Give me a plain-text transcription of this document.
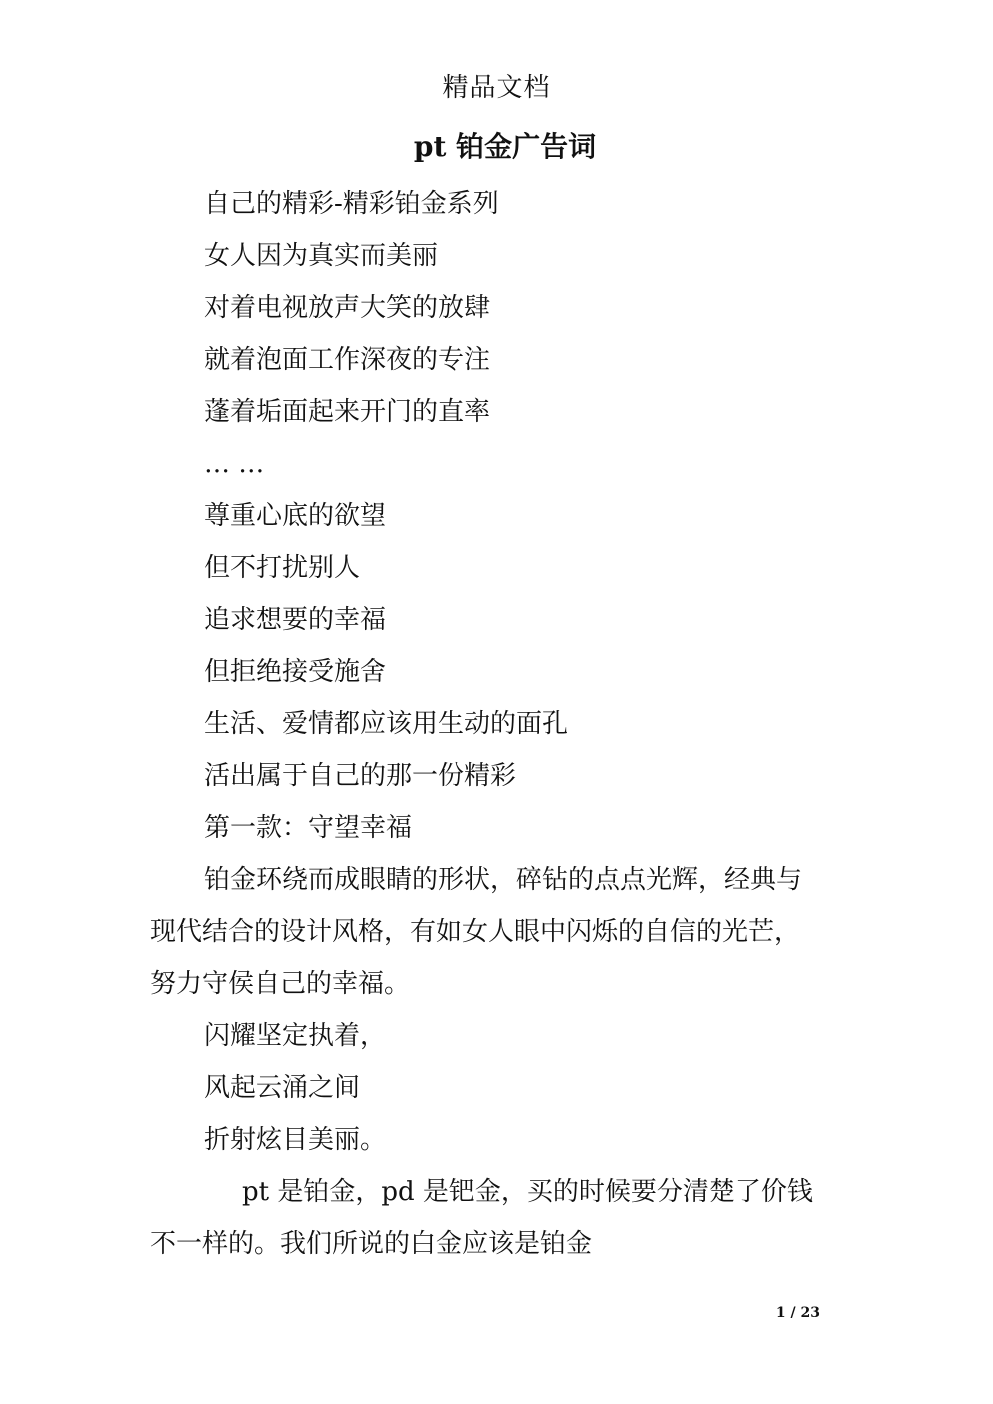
精品文档
pt 铂金广告词

自己的精彩-精彩铂金系列

女人因为真实而美丽

对着电视放声大笑的放肆

就着泡面工作深夜的专注

蓬着垢面起来开门的直率

… …

尊重心底的欲望

但不打扰别人

追求想要的幸福

但拒绝接受施舍

生活、爱情都应该用生动的面孔

活出属于自己的那一份精彩

第一款：守望幸福

铂金环绕而成眼睛的形状，碎钻的点点光辉，经典与现代结合的设计风格，有如女人眼中闪烁的自信的光芒，努力守侯自己的幸福。

闪耀坚定执着，

风起云涌之间

折射炫目美丽。

pt 是铂金，pd 是钯金，买的时候要分清楚了价钱不一样的。我们所说的白金应该是铂金

1 / 23
